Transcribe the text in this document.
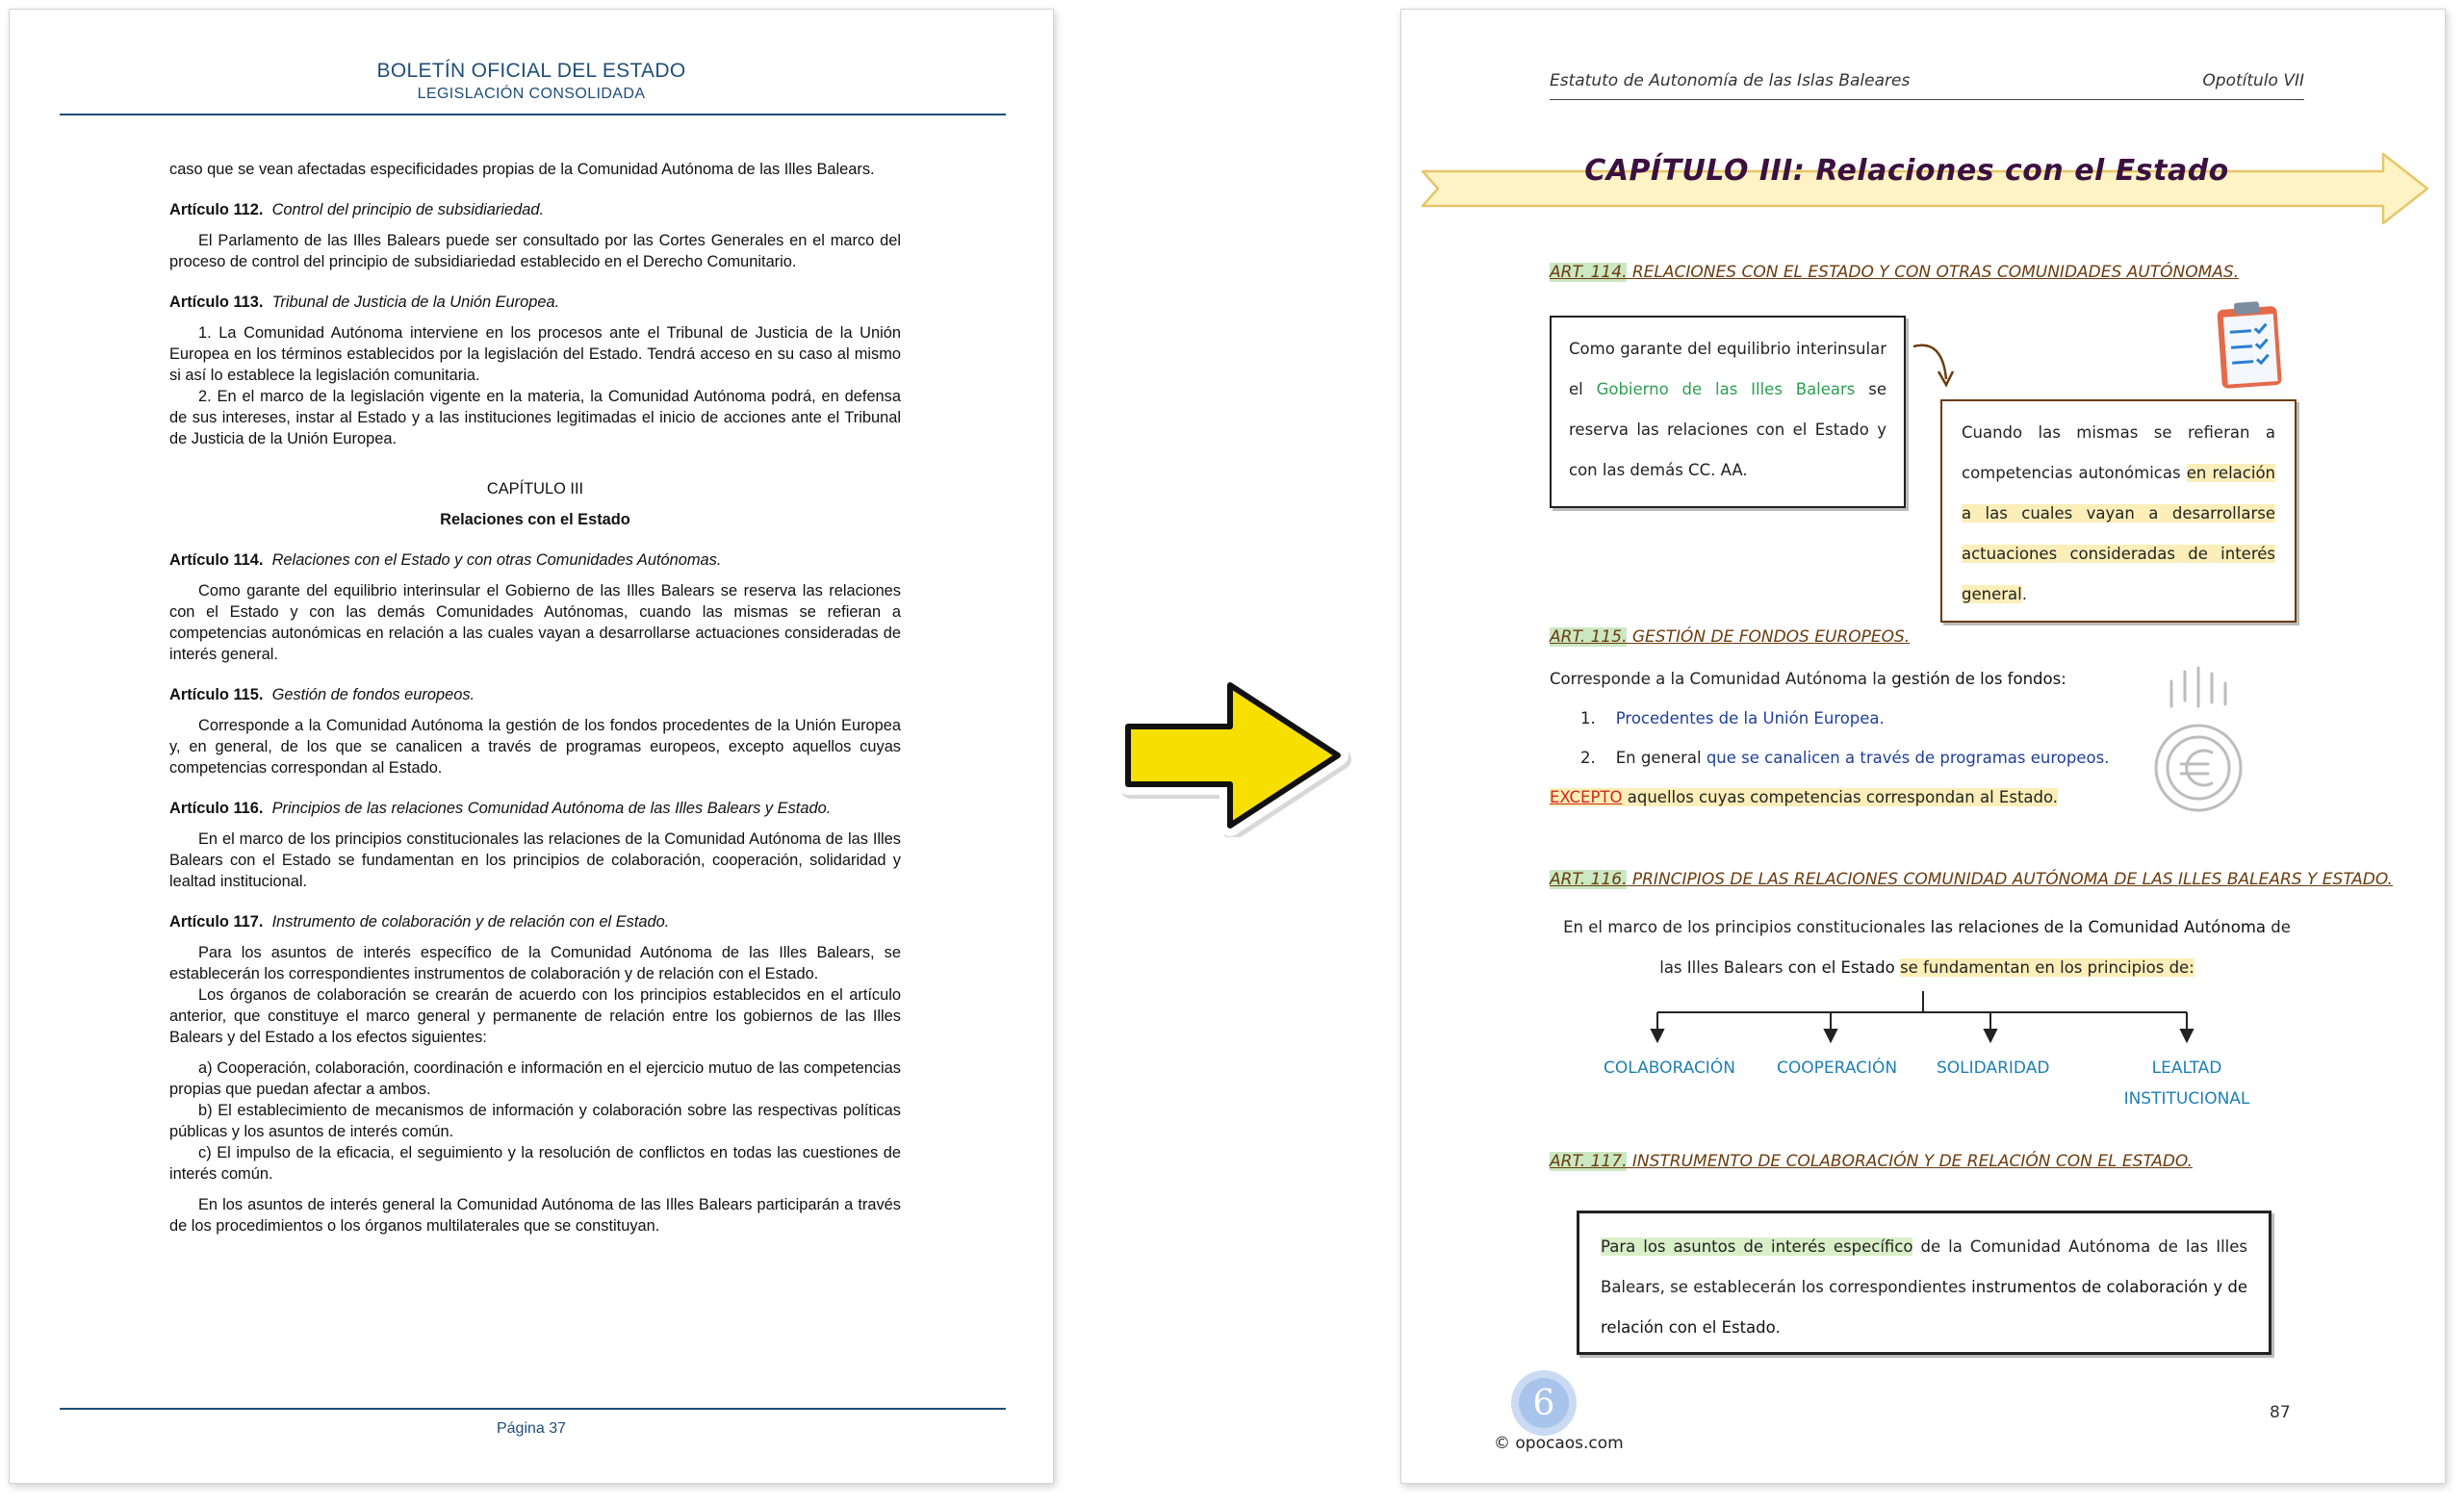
BOLETÍN OFICIAL DEL ESTADO
LEGISLACIÓN CONSOLIDADA

caso que se vean afectadas especificidades propias de la Comunidad Autónoma de las Illes Balears.

Artículo 112. Control del principio de subsidiariedad.

El Parlamento de las Illes Balears puede ser consultado por las Cortes Generales en el marco del proceso de control del principio de subsidiariedad establecido en el Derecho Comunitario.

Artículo 113. Tribunal de Justicia de la Unión Europea.

1. La Comunidad Autónoma interviene en los procesos ante el Tribunal de Justicia de la Unión Europea en los términos establecidos por la legislación del Estado. Tendrá acceso en su caso al mismo si así lo establece la legislación comunitaria.

2. En el marco de la legislación vigente en la materia, la Comunidad Autónoma podrá, en defensa de sus intereses, instar al Estado y a las instituciones legitimadas el inicio de acciones ante el Tribunal de Justicia de la Unión Europea.

CAPÍTULO III

Relaciones con el Estado

Artículo 114. Relaciones con el Estado y con otras Comunidades Autónomas.

Como garante del equilibrio interinsular el Gobierno de las Illes Balears se reserva las relaciones con el Estado y con las demás Comunidades Autónomas, cuando las mismas se refieran a competencias autonómicas en relación a las cuales vayan a desarrollarse actuaciones consideradas de interés general.

Artículo 115. Gestión de fondos europeos.

Corresponde a la Comunidad Autónoma la gestión de los fondos procedentes de la Unión Europea y, en general, de los que se canalicen a través de programas europeos, excepto aquellos cuyas competencias correspondan al Estado.

Artículo 116. Principios de las relaciones Comunidad Autónoma de las Illes Balears y Estado.

En el marco de los principios constitucionales las relaciones de la Comunidad Autónoma de las Illes Balears con el Estado se fundamentan en los principios de colaboración, cooperación, solidaridad y lealtad institucional.

Artículo 117. Instrumento de colaboración y de relación con el Estado.

Para los asuntos de interés específico de la Comunidad Autónoma de las Illes Balears, se establecerán los correspondientes instrumentos de colaboración y de relación con el Estado.

Los órganos de colaboración se crearán de acuerdo con los principios establecidos en el artículo anterior, que constituye el marco general y permanente de relación entre los gobiernos de las Illes Balears y del Estado a los efectos siguientes:

a) Cooperación, colaboración, coordinación e información en el ejercicio mutuo de las competencias propias que puedan afectar a ambos.

b) El establecimiento de mecanismos de información y colaboración sobre las respectivas políticas públicas y los asuntos de interés común.

c) El impulso de la eficacia, el seguimiento y la resolución de conflictos en todas las cuestiones de interés común.

En los asuntos de interés general la Comunidad Autónoma de las Illes Balears participarán a través de los procedimientos o los órganos multilaterales que se constituyan.

Página 37
Estatuto de Autonomía de las Islas Baleares	Opotítulo VII
CAPÍTULO III: Relaciones con el Estado
ART. 114. RELACIONES CON EL ESTADO Y CON OTRAS COMUNIDADES AUTÓNOMAS.
Como garante del equilibrio interinsular el Gobierno de las Illes Balears se reserva las relaciones con el Estado y con las demás CC. AA.
Cuando las mismas se refieran a competencias autonómicas en relación a las cuales vayan a desarrollarse actuaciones consideradas de interés general.
ART. 115. GESTIÓN DE FONDOS EUROPEOS.
Corresponde a la Comunidad Autónoma la gestión de los fondos:
1. Procedentes de la Unión Europea.
2. En general que se canalicen a través de programas europeos.
EXCEPTO aquellos cuyas competencias correspondan al Estado.
ART. 116. PRINCIPIOS DE LAS RELACIONES COMUNIDAD AUTÓNOMA DE LAS ILLES BALEARS Y ESTADO.
En el marco de los principios constitucionales las relaciones de la Comunidad Autónoma de
las Illes Balears con el Estado se fundamentan en los principios de:
COLABORACIÓN	COOPERACIÓN SOLIDARIDAD	LEALTAD
INSTITUCIONAL
ART. 117. INSTRUMENTO DE COLABORACIÓN Y DE RELACIÓN CON EL ESTADO.
Para los asuntos de interés específico de la Comunidad Autónoma de las Illes Balears, se establecerán los correspondientes instrumentos de colaboración y de relación con el Estado.
6
© opocaos.com
87
